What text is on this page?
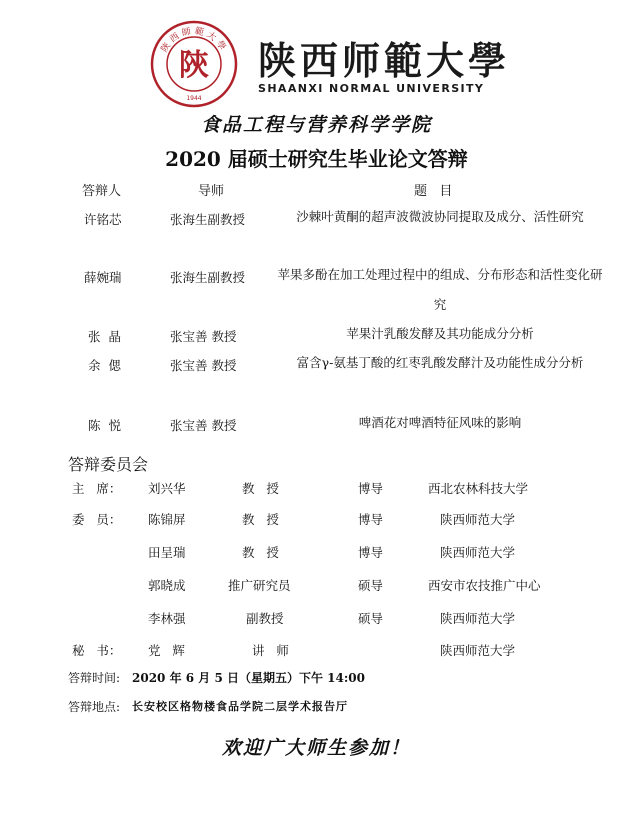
陝西師範大學
陝
1944
陕西师範大學
SHAANXI NORMAL UNIVERSITY
食品工程与营养科学学院
2020 届硕士研究生毕业论文答辩
答辩人	导师	题   目
许铭芯	张海生副教授	沙棘叶黄酮的超声波微波协同提取及成分、活性研究
薛婉瑞	张海生副教授	苹果多酚在加工处理过程中的组成、分布形态和活性变化研究
张  晶	张宝善 教授	苹果汁乳酸发酵及其功能成分分析
余  偲	张宝善 教授	富含γ-氨基丁酸的红枣乳酸发酵汁及功能性成分分析
陈  悦	张宝善 教授	啤酒花对啤酒特征风味的影响
答辩委员会
主   席： 刘兴华	教   授	博导	西北农林科技大学
委   员： 陈锦屏	教   授	博导	陕西师范大学
田呈瑞	教   授	博导	陕西师范大学
郭晓成	推广研究员	硕导	西安市农技推广中心
李林强	副教授	硕导	陕西师范大学
秘   书： 党   辉	讲   师	陕西师范大学
答辩时间: 2020 年 6 月 5 日（星期五）下午 14:00
答辩地点: 长安校区格物楼食品学院二层学术报告厅
欢迎广大师生参加！
